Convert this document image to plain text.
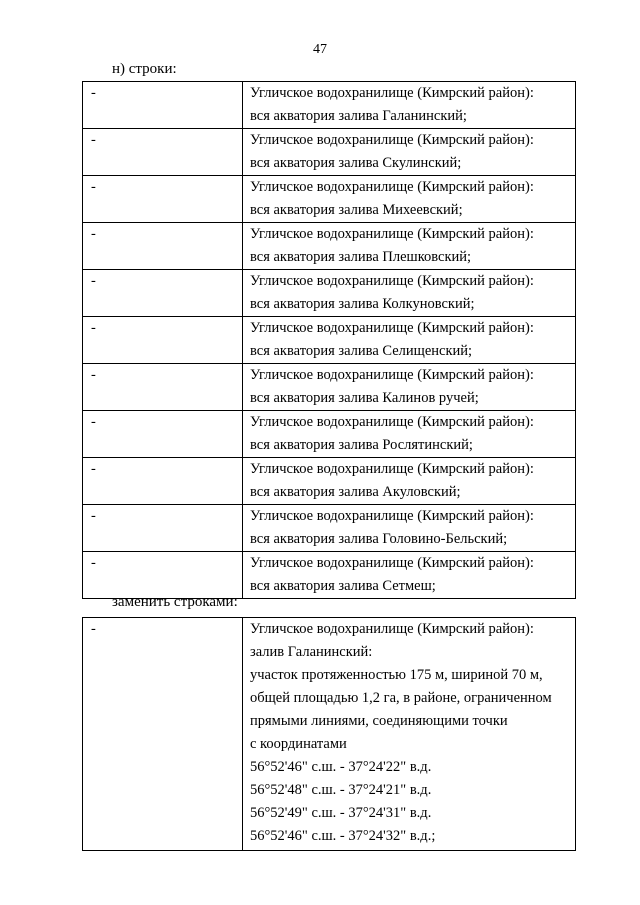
47
н) строки:
-	Угличское водохранилище (Кимрский район):
вся акватория залива Галанинский;

-	Угличское водохранилище (Кимрский район):
вся акватория залива Скулинский;

-	Угличское водохранилище (Кимрский район):
вся акватория залива Михеевский;

-	Угличское водохранилище (Кимрский район):
вся акватория залива Плешковский;

-	Угличское водохранилище (Кимрский район):
вся акватория залива Колкуновский;

-	Угличское водохранилище (Кимрский район):
вся акватория залива Селищенский;

-	Угличское водохранилище (Кимрский район):
вся акватория залива Калинов ручей;

-	Угличское водохранилище (Кимрский район):
вся акватория залива Рослятинский;

-	Угличское водохранилище (Кимрский район):
вся акватория залива Акуловский;

-	Угличское водохранилище (Кимрский район):
вся акватория залива Головино-Бельский;

-	Угличское водохранилище (Кимрский район):
вся акватория залива Сетмеш;
заменить строками:
-	Угличское водохранилище (Кимрский район):
залив Галанинский:
участок протяженностью 175 м, шириной 70 м,
общей площадью 1,2 га, в районе, ограниченном
прямыми линиями, соединяющими точки
с координатами
56°52'46" с.ш. - 37°24'22" в.д.
56°52'48" с.ш. - 37°24'21" в.д.
56°52'49" с.ш. - 37°24'31" в.д.
56°52'46" с.ш. - 37°24'32" в.д.;
